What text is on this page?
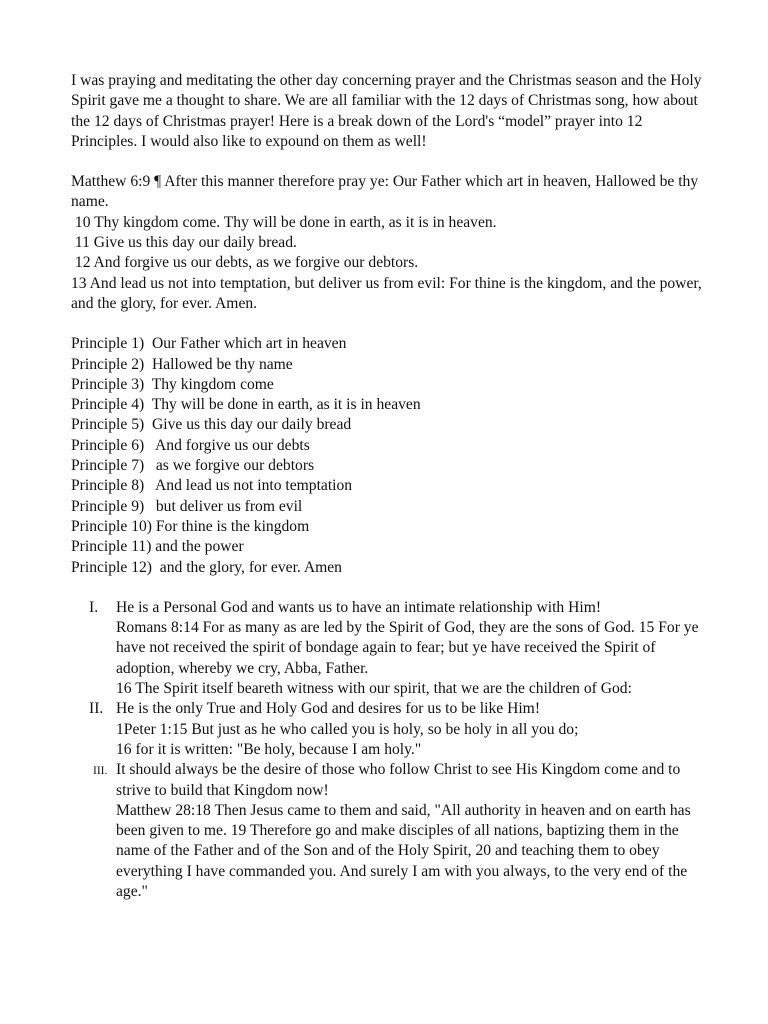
I was praying and meditating the other day concerning prayer and the Christmas season and the Holy Spirit gave me a thought to share. We are all familiar with the 12 days of Christmas song, how about the 12 days of Christmas prayer! Here is a break down of the Lord's “model” prayer into 12 Principles. I would also like to expound on them as well!

Matthew 6:9 ¶ After this manner therefore pray ye: Our Father which art in heaven, Hallowed be thy name.

10 Thy kingdom come. Thy will be done in earth, as it is in heaven.

11 Give us this day our daily bread.

12 And forgive us our debts, as we forgive our debtors.

13 And lead us not into temptation, but deliver us from evil: For thine is the kingdom, and the power, and the glory, for ever. Amen.

Principle 1)  Our Father which art in heaven

Principle 2)  Hallowed be thy name

Principle 3)  Thy kingdom come

Principle 4)  Thy will be done in earth, as it is in heaven

Principle 5)  Give us this day our daily bread

Principle 6)   And forgive us our debts

Principle 7)   as we forgive our debtors

Principle 8)   And lead us not into temptation

Principle 9)   but deliver us from evil

Principle 10) For thine is the kingdom

Principle 11) and the power

Principle 12)  and the glory, for ever. Amen

I. He is a Personal God and wants us to have an intimate relationship with Him!
Romans 8:14 For as many as are led by the Spirit of God, they are the sons of God. 15 For ye have not received the spirit of bondage again to fear; but ye have received the Spirit of adoption, whereby we cry, Abba, Father.
16 The Spirit itself beareth witness with our spirit, that we are the children of God:
II. He is the only True and Holy God and desires for us to be like Him!
1Peter 1:15 But just as he who called you is holy, so be holy in all you do;
16 for it is written: "Be holy, because I am holy."
III. It should always be the desire of those who follow Christ to see His Kingdom come and to strive to build that Kingdom now!
Matthew 28:18 Then Jesus came to them and said, "All authority in heaven and on earth has been given to me. 19 Therefore go and make disciples of all nations, baptizing them in the name of the Father and of the Son and of the Holy Spirit, 20 and teaching them to obey everything I have commanded you. And surely I am with you always, to the very end of the age."
